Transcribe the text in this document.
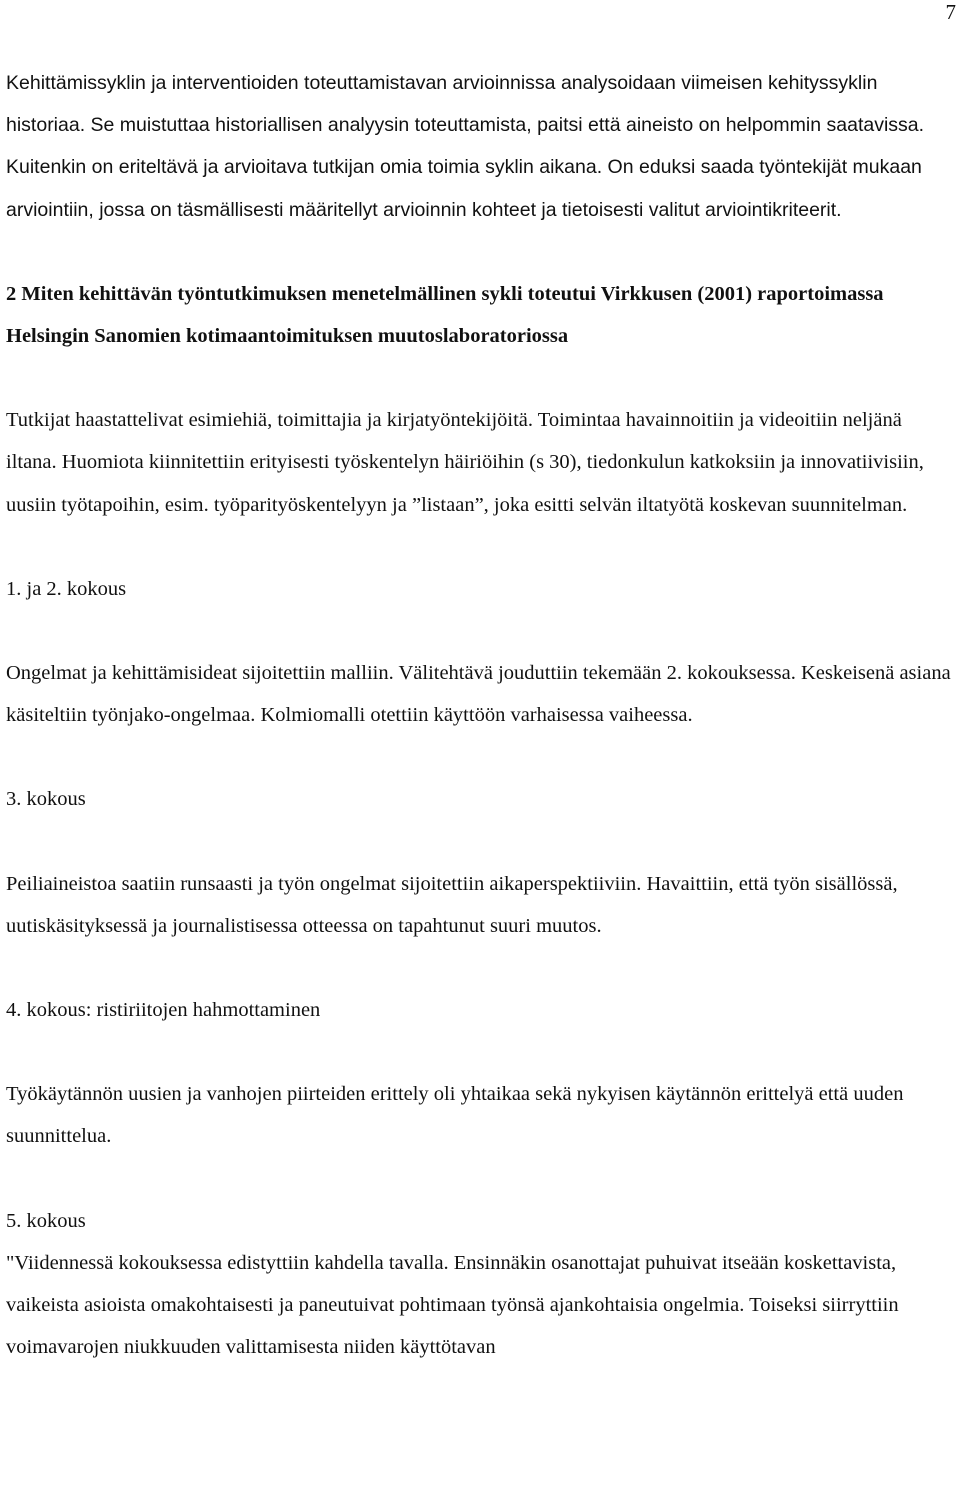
7

Kehittämissyklin ja interventioiden toteuttamistavan arvioinnissa analysoidaan viimeisen kehityssyklin historiaa. Se muistuttaa historiallisen analyysin toteuttamista, paitsi että aineisto on helpommin saatavissa. Kuitenkin on eriteltävä ja arvioitava tutkijan omia toimia syklin aikana. On eduksi saada työntekijät mukaan arviointiin, jossa on täsmällisesti määritellyt arvioinnin kohteet ja tietoisesti valitut arviointikriteerit.

2 Miten kehittävän työntutkimuksen menetelmällinen sykli toteutui Virkkusen (2001) raportoimassa Helsingin Sanomien kotimaantoimituksen muutoslaboratoriossa

Tutkijat haastattelivat esimiehiä, toimittajia ja kirjatyöntekijöitä. Toimintaa havainnoitiin ja videoitiin neljänä iltana. Huomiota kiinnitettiin erityisesti työskentelyn häiriöihin (s 30), tiedonkulun katkoksiin ja innovatiivisiin, uusiin työtapoihin, esim. työparityöskentelyyn ja ”listaan”, joka esitti selvän iltatyötä koskevan suunnitelman.

1. ja 2. kokous

Ongelmat ja kehittämisideat sijoitettiin malliin. Välitehtävä jouduttiin tekemään 2. kokouksessa. Keskeisenä asiana käsiteltiin työnjako-ongelmaa. Kolmiomalli otettiin käyttöön varhaisessa vaiheessa.

3. kokous

Peiliaineistoa saatiin runsaasti ja työn ongelmat sijoitettiin aikaperspektiiviin. Havaittiin, että työn sisällössä, uutiskäsityksessä ja journalistisessa otteessa on tapahtunut suuri muutos.

4. kokous: ristiriitojen hahmottaminen

Työkäytännön uusien ja vanhojen piirteiden erittely oli yhtaikaa sekä nykyisen käytännön erittelyä että uuden suunnittelua.

5. kokous

"Viidennessä kokouksessa edistyttiin kahdella tavalla. Ensinnäkin osanottajat puhuivat itseään koskettavista, vaikeista asioista omakohtaisesti ja paneutuivat pohtimaan työnsä ajankohtaisia ongelmia. Toiseksi siirryttiin voimavarojen niukkuuden valittamisesta niiden käyttötavan
